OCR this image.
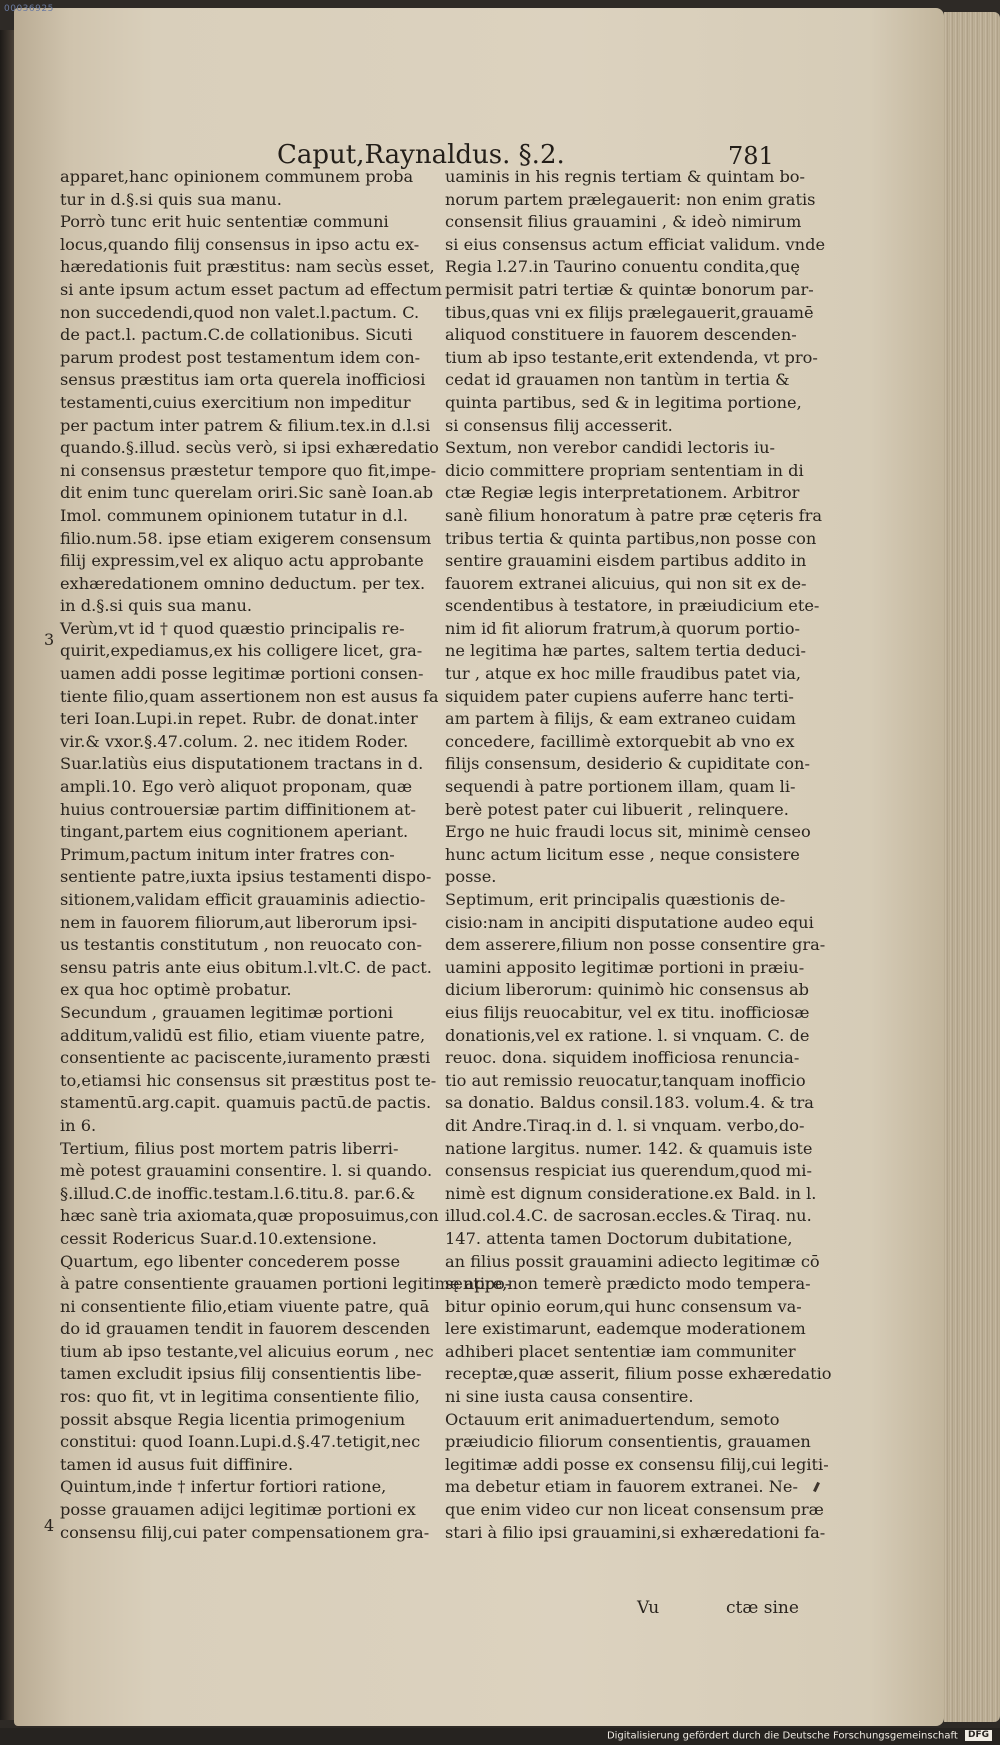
00036925
Caput,Raynaldus. §.2.	781
apparet,hanc opinionem communem proba
tur in d.§.si quis sua manu.
Porrò tunc erit huic sententiæ communi
locus,quando filij consensus in ipso actu ex-
hæredationis fuit præstitus: nam secùs esset,
si ante ipsum actum esset pactum ad effectum
non succedendi,quod non valet.l.pactum. C.
de pact.l. pactum.C.de collationibus. Sicuti
parum prodest post testamentum idem con-
sensus præstitus iam orta querela inofficiosi
testamenti,cuius exercitium non impeditur
per pactum inter patrem & filium.tex.in d.l.si
quando.§.illud. secùs verò, si ipsi exhæredatio
ni consensus præstetur tempore quo fit,impe-
dit enim tunc querelam oriri.Sic sanè Ioan.ab
Imol. communem opinionem tutatur in d.l.
filio.num.58. ipse etiam exigerem consensum
filij expressim,vel ex aliquo actu approbante
exhæredationem omnino deductum. per tex.
in d.§.si quis sua manu.
Verùm,vt id † quod quæstio principalis re-
quirit,expediamus,ex his colligere licet, gra-
uamen addi posse legitimæ portioni consen-
tiente filio,quam assertionem non est ausus fa
teri Ioan.Lupi.in repet. Rubr. de donat.inter
vir.& vxor.§.47.colum. 2. nec itidem Roder.
Suar.latiùs eius disputationem tractans in d.
ampli.10. Ego verò aliquot proponam, quæ
huius controuersiæ partim diffinitionem at-
tingant,partem eius cognitionem aperiant.
Primum,pactum initum inter fratres con-
sentiente patre,iuxta ipsius testamenti dispo-
sitionem,validam efficit grauaminis adiectio-
nem in fauorem filiorum,aut liberorum ipsi-
us testantis constitutum , non reuocato con-
sensu patris ante eius obitum.l.vlt.C. de pact.
ex qua hoc optimè probatur.
Secundum , grauamen legitimæ portioni
additum,validū est filio, etiam viuente patre,
consentiente ac paciscente,iuramento præsti
to,etiamsi hic consensus sit præstitus post te-
stamentū.arg.capit. quamuis pactū.de pactis.
in 6.
Tertium, filius post mortem patris liberri-
mè potest grauamini consentire. l. si quando.
§.illud.C.de inoffic.testam.l.6.titu.8. par.6.&
hæc sanè tria axiomata,quæ proposuimus,con
cessit Rodericus Suar.d.10.extensione.
Quartum, ego libenter concederem posse
à patre consentiente grauamen portioni legitimę appo-
ni consentiente filio,etiam viuente patre, quā
do id grauamen tendit in fauorem descenden
tium ab ipso testante,vel alicuius eorum , nec
tamen excludit ipsius filij consentientis libe-
ros: quo fit, vt in legitima consentiente filio,
possit absque Regia licentia primogenium
constitui: quod Ioann.Lupi.d.§.47.tetigit,nec
tamen id ausus fuit diffinire.
Quintum,inde † infertur fortiori ratione,
posse grauamen adijci legitimæ portioni ex
consensu filij,cui pater compensationem gra-
uaminis in his regnis tertiam & quintam bo-
norum partem prælegauerit: non enim gratis
consensit filius grauamini , & ideò nimirum
si eius consensus actum efficiat validum. vnde
Regia l.27.in Taurino conuentu condita,quę
permisit patri tertiæ & quintæ bonorum par-
tibus,quas vni ex filijs prælegauerit,grauamē
aliquod constituere in fauorem descenden-
tium ab ipso testante,erit extendenda, vt pro-
cedat id grauamen non tantùm in tertia &
quinta partibus, sed & in legitima portione,
si consensus filij accesserit.
Sextum, non verebor candidi lectoris iu-
dicio committere propriam sententiam in di
ctæ Regiæ legis interpretationem. Arbitror
sanè filium honoratum à patre præ cęteris fra
tribus tertia & quinta partibus,non posse con
sentire grauamini eisdem partibus addito in
fauorem extranei alicuius, qui non sit ex de-
scendentibus à testatore, in præiudicium ete-
nim id fit aliorum fratrum,à quorum portio-
ne legitima hæ partes, saltem tertia deduci-
tur , atque ex hoc mille fraudibus patet via,
siquidem pater cupiens auferre hanc terti-
am partem à filijs, & eam extraneo cuidam
concedere, facillimè extorquebit ab vno ex
filijs consensum, desiderio & cupiditate con-
sequendi à patre portionem illam, quam li-
berè potest pater cui libuerit , relinquere.
Ergo ne huic fraudi locus sit, minimè censeo
hunc actum licitum esse , neque consistere
posse.
Septimum, erit principalis quæstionis de-
cisio:nam in ancipiti disputatione audeo equi
dem asserere,filium non posse consentire gra-
uamini apposito legitimæ portioni in præiu-
dicium liberorum: quinimò hic consensus ab
eius filijs reuocabitur, vel ex titu. inofficiosæ
donationis,vel ex ratione. l. si vnquam. C. de
reuoc. dona. siquidem inofficiosa renuncia-
tio aut remissio reuocatur,tanquam inofficio
sa donatio. Baldus consil.183. volum.4. & tra
dit Andre.Tiraq.in d. l. si vnquam. verbo,do-
natione largitus. numer. 142. & quamuis iste
consensus respiciat ius querendum,quod mi-
nimè est dignum consideratione.ex Bald. in l.
illud.col.4.C. de sacrosan.eccles.& Tiraq. nu.
147. attenta tamen Doctorum dubitatione,
an filius possit grauamini adiecto legitimæ cō
sentire,non temerè prædicto modo tempera-
bitur opinio eorum,qui hunc consensum va-
lere existimarunt, eademque moderationem
adhiberi placet sententiæ iam communiter
receptæ,quæ asserit, filium posse exhæredatio
ni sine iusta causa consentire.
Octauum erit animaduertendum, semoto
præiudicio filiorum consentientis, grauamen
legitimæ addi posse ex consensu filij,cui legiti-
ma debetur etiam in fauorem extranei. Ne-
que enim video cur non liceat consensum præ
stari à filio ipsi grauamini,si exhæredationi fa-
3
4
Vu	ctæ sine
Digitalisierung gefördert durch die Deutsche Forschungsgemeinschaft DFG
